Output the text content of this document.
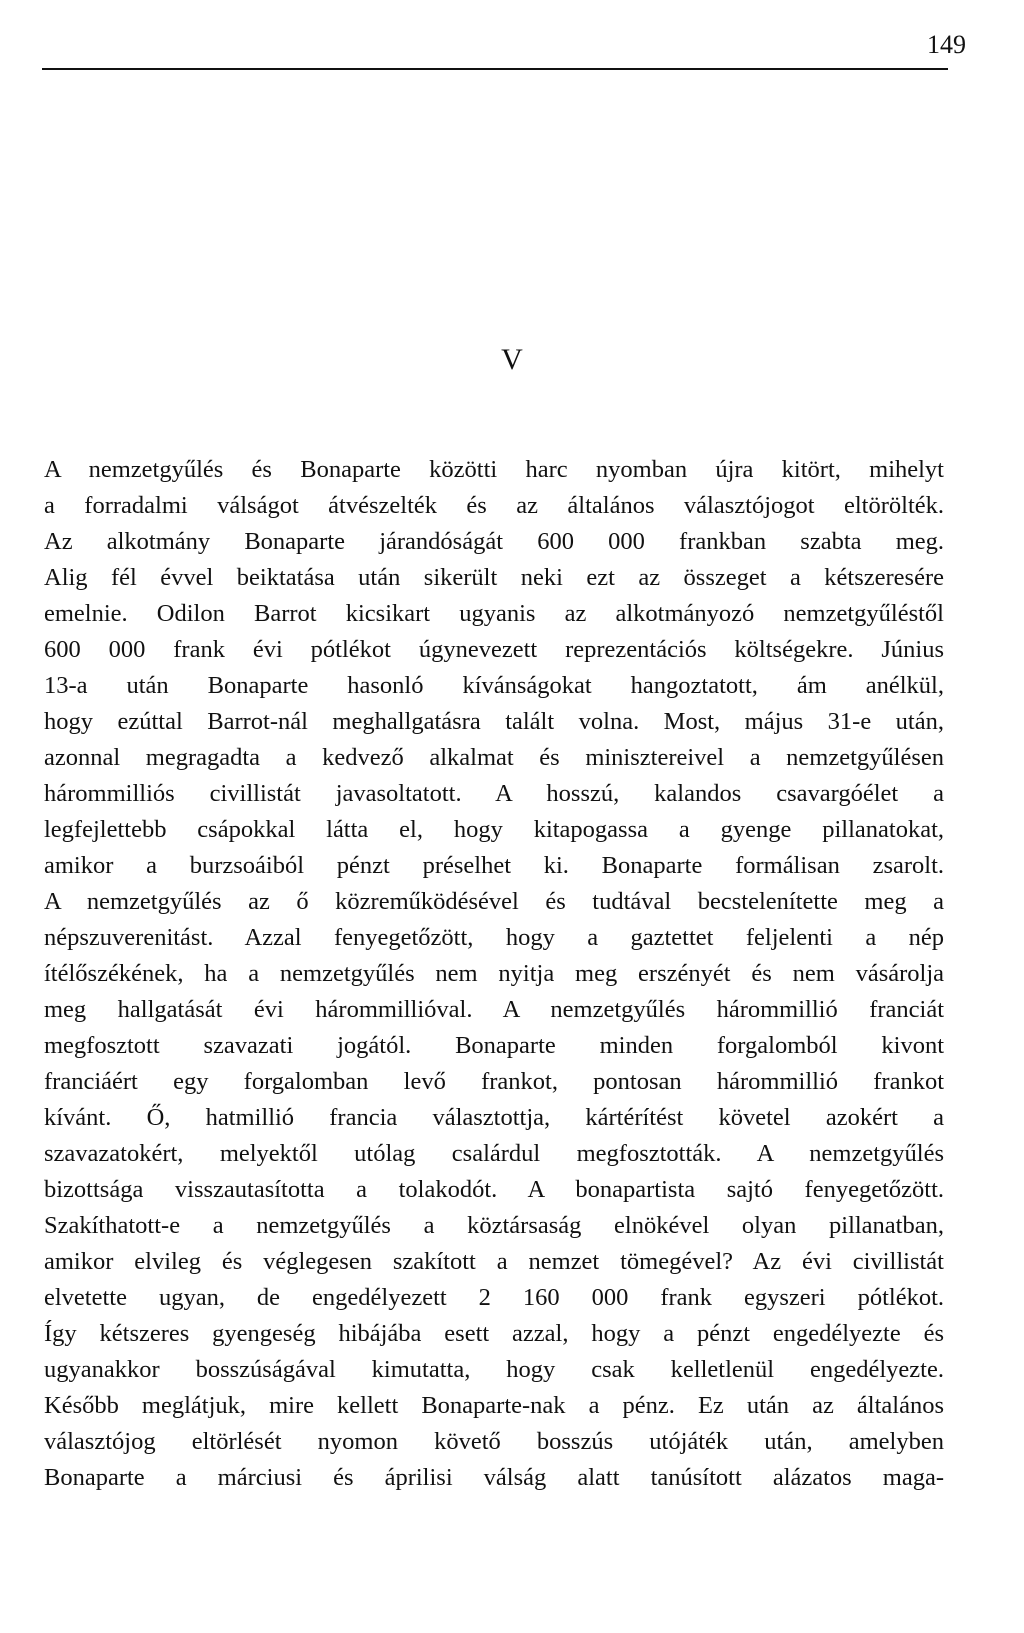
149
V
A nemzetgyűlés és Bonaparte közötti harc nyomban újra kitört, mihelyt
a forradalmi válságot átvészelték és az általános választójogot eltörölték.
Az alkotmány Bonaparte járandóságát 600 000 frankban szabta meg.
Alig fél évvel beiktatása után sikerült neki ezt az összeget a kétszeresére
emelnie. Odilon Barrot kicsikart ugyanis az alkotmányozó nemzetgyűléstől
600 000 frank évi pótlékot úgynevezett reprezentációs költségekre. Június
13-a után Bonaparte hasonló kívánságokat hangoztatott, ám anélkül,
hogy ezúttal Barrot-nál meghallgatásra talált volna. Most, május 31-e után,
azonnal megragadta a kedvező alkalmat és minisztereivel a nemzetgyűlésen
hárommilliós civillistát javasoltatott. A hosszú, kalandos csavargóélet a
legfejlettebb csápokkal látta el, hogy kitapogassa a gyenge pillanatokat,
amikor a burzsoáiból pénzt préselhet ki. Bonaparte formálisan zsarolt.
A nemzetgyűlés az ő közreműködésével és tudtával becstelenítette meg a
népszuverenitást. Azzal fenyegetőzött, hogy a gaztettet feljelenti a nép
ítélőszékének, ha a nemzetgyűlés nem nyitja meg erszényét és nem vásárolja
meg hallgatását évi hárommillióval. A nemzetgyűlés hárommillió franciát
megfosztott szavazati jogától. Bonaparte minden forgalomból kivont
franciáért egy forgalomban levő frankot, pontosan hárommillió frankot
kívánt. Ő, hatmillió francia választottja, kártérítést követel azokért a
szavazatokért, melyektől utólag csalárdul megfosztották. A nemzetgyűlés
bizottsága visszautasította a tolakodót. A bonapartista sajtó fenyegetőzött.
Szakíthatott-e a nemzetgyűlés a köztársaság elnökével olyan pillanatban,
amikor elvileg és véglegesen szakított a nemzet tömegével? Az évi civillistát
elvetette ugyan, de engedélyezett 2 160 000 frank egyszeri pótlékot.
Így kétszeres gyengeség hibájába esett azzal, hogy a pénzt engedélyezte és
ugyanakkor bosszúságával kimutatta, hogy csak kelletlenül engedélyezte.
Később meglátjuk, mire kellett Bonaparte-nak a pénz. Ez után az általános
választójog eltörlését nyomon követő bosszús utójáték után, amelyben
Bonaparte a márciusi és áprilisi válság alatt tanúsított alázatos maga-
